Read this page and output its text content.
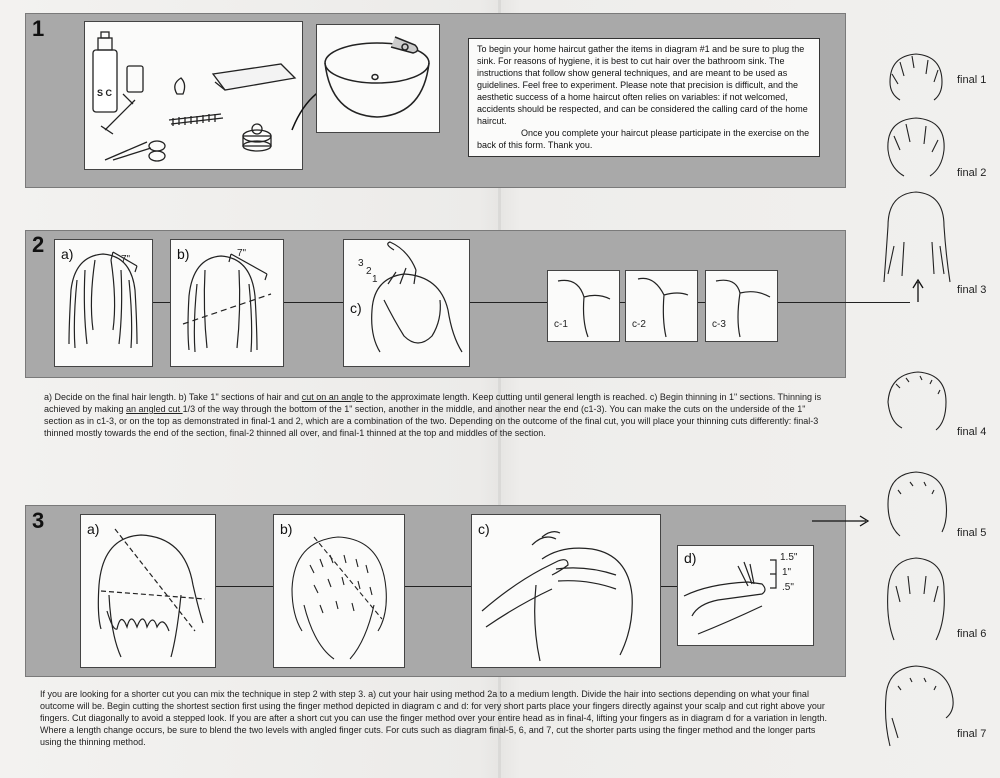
1
S C
To begin your home haircut gather the items in diagram #1 and be sure to plug the sink. For reasons of hygiene, it is best to cut hair over the bathroom sink. The instructions that follow show general techniques, and are meant to be used as guidelines. Feel free to experiment. Please note that precision is difficult, and the aesthetic success of a home haircut often relies on variables: if not welcomed, accidents should be respected, and can be considered the calling card of the home haircut.

Once you complete your haircut please participate in the exercise on the back of this form. Thank you.
2 a)	7"	b)	7"
c)
3
2
1
c-1	c-2	c-3
a) Decide on the final hair length. b) Take 1" sections of hair and cut on an angle to the approximate length. Keep cutting until general length is reached. c) Begin thinning in 1" sections. Thinning is achieved by making an angled cut 1/3 of the way through the bottom of the 1" section, another in the middle, and another near the end (c1-3). You can make the cuts on the underside of the 1" section as in c1-3, or on the top as demonstrated in final-1 and 2, which are a combination of the two. Depending on the outcome of the final cut, you will place your thinning cuts differently: final-3 thinned mostly towards the end of the section, final-2 thinned all over, and final-1 thinned at the top and middles of the section.
3	a)	b)	c)
d)	1.5"
1"
.5"
If you are looking for a shorter cut you can mix the technique in step 2 with step 3. a) cut your hair using method 2a to a medium length. Divide the hair into sections depending on what your final outcome will be. Begin cutting the shortest section first using the finger method depicted in diagram c and d: for very short parts place your fingers directly against your scalp and cut right above your fingers. Cut diagonally to avoid a stepped look. If you are after a short cut you can use the finger method over your entire head as in final-4, lifting your fingers as in diagram d for a variation in length. Where a length change occurs, be sure to blend the two levels with angled finger cuts. For cuts such as diagram final-5, 6, and 7, cut the shorter parts using the finger method and the longer parts using the thinning method.
final 1
final 2
final 3
final 4
final 5
final 6
final 7
